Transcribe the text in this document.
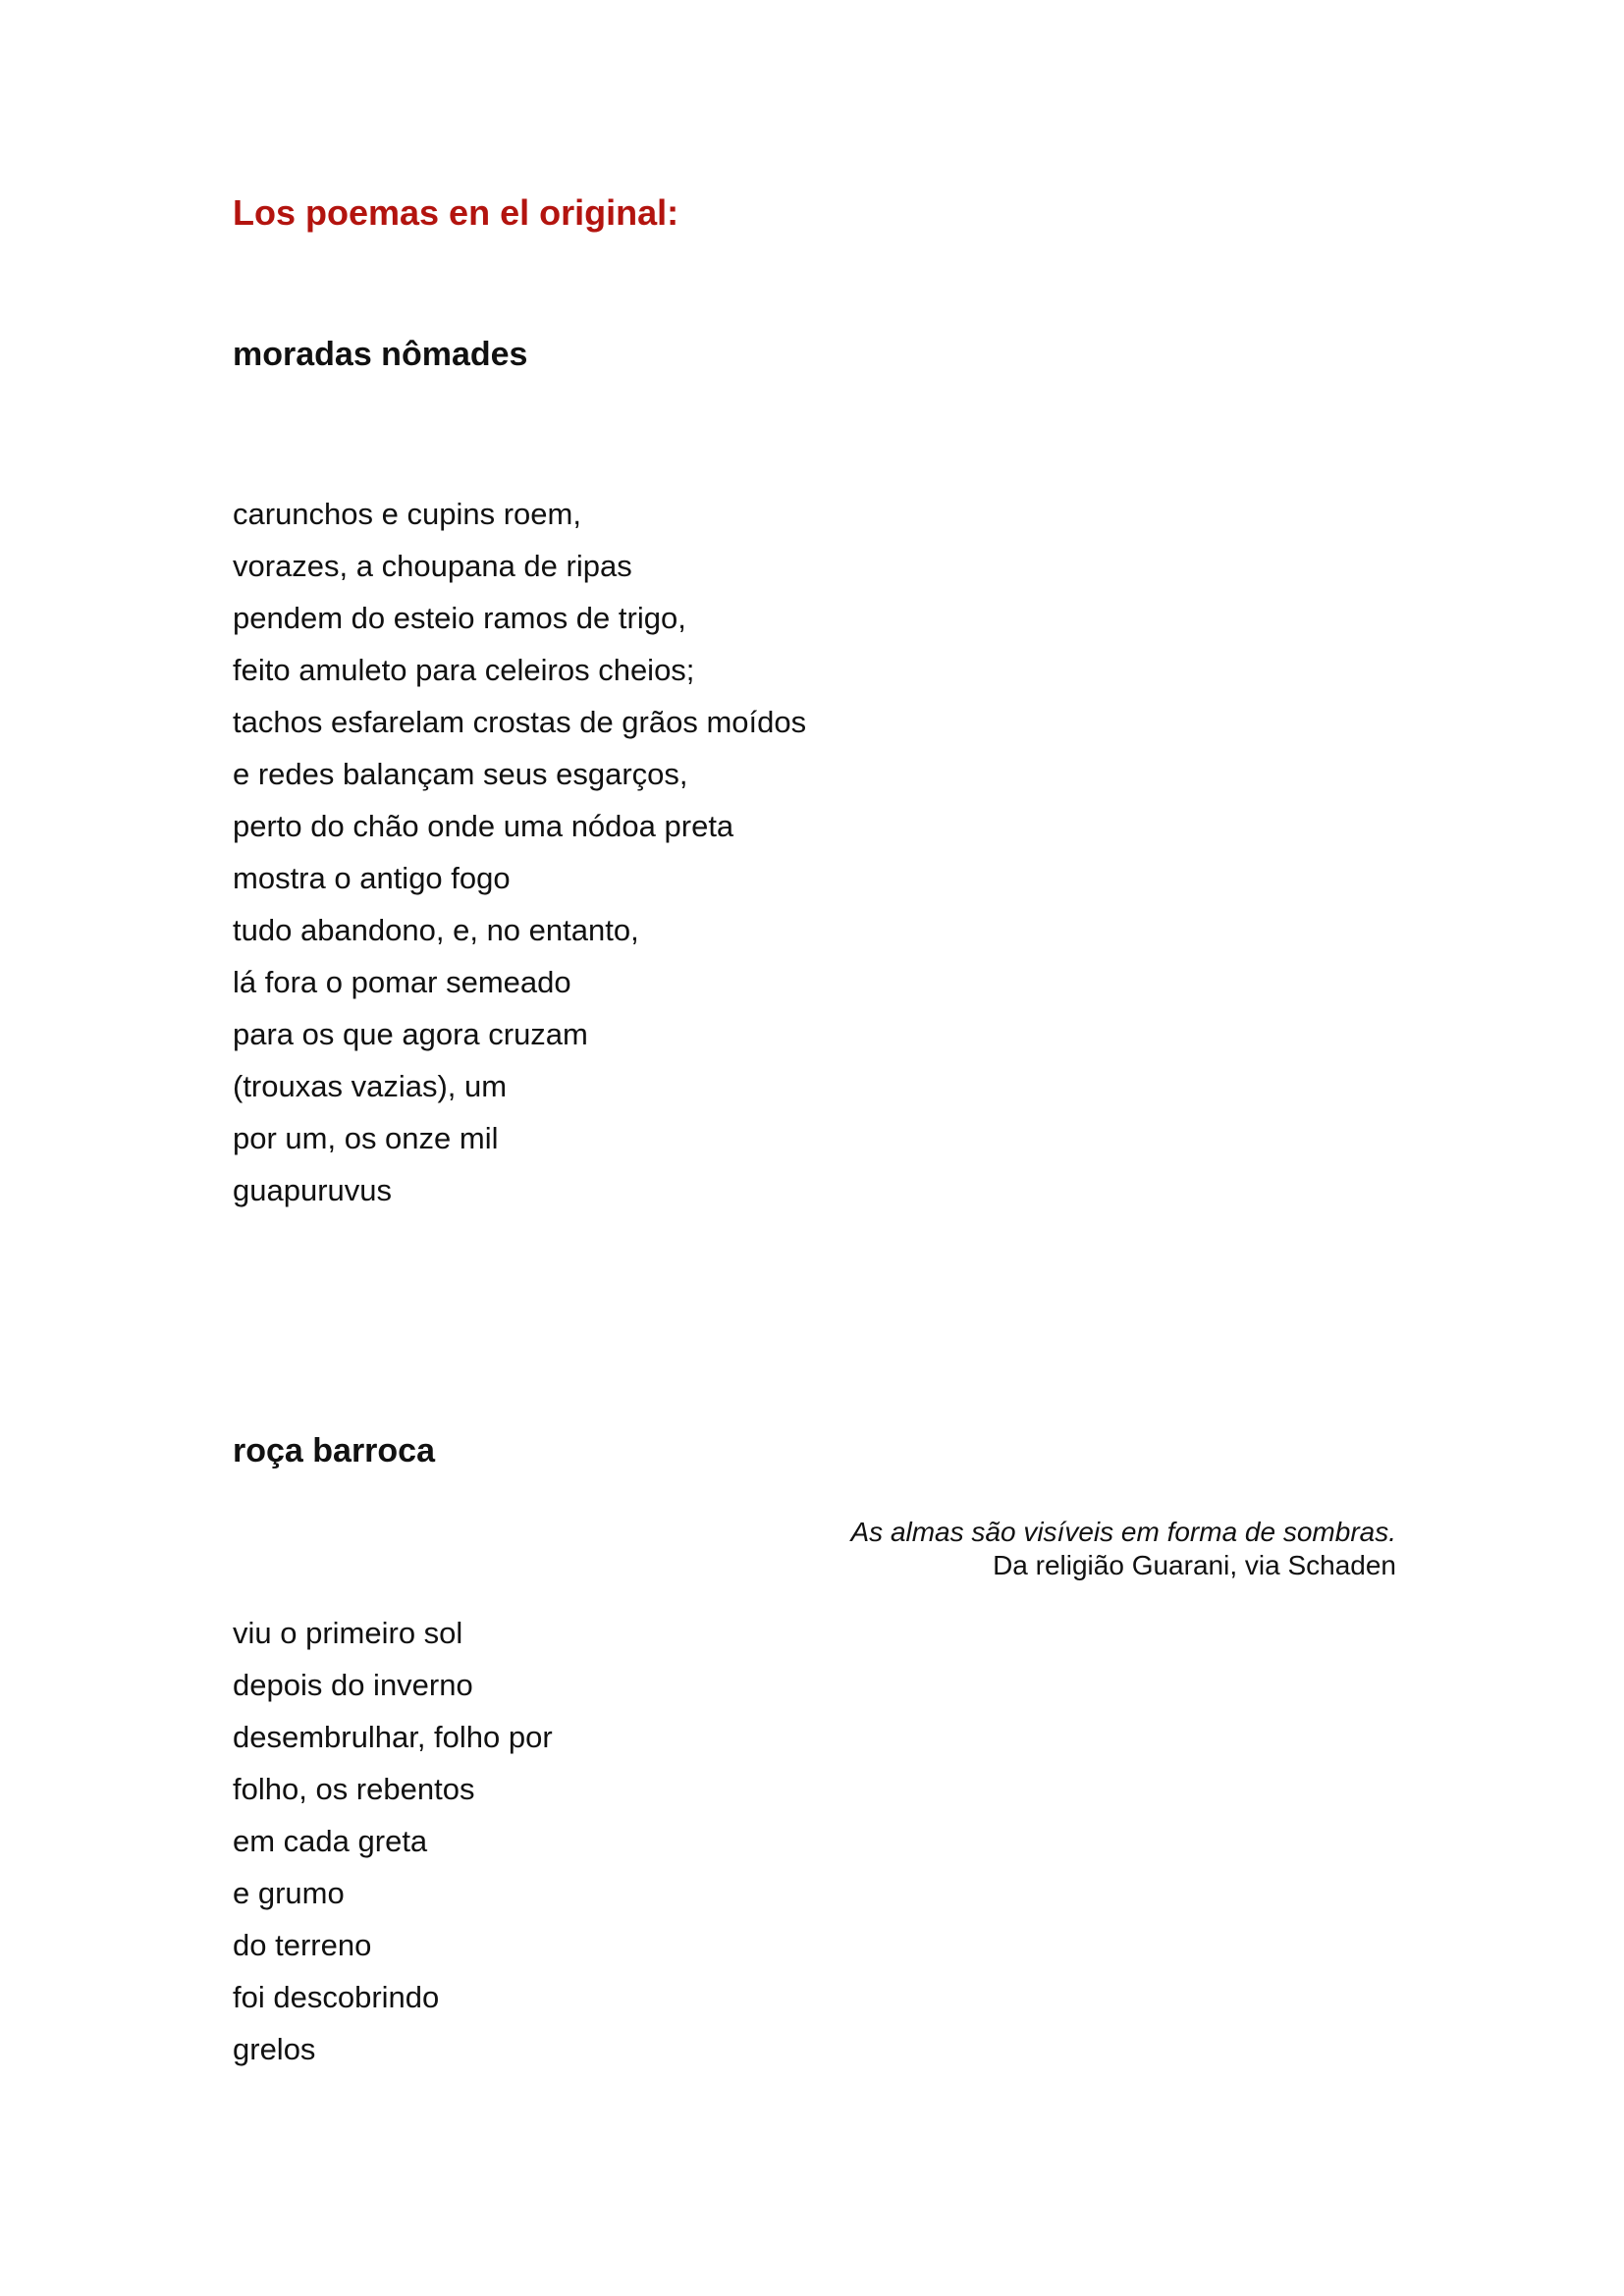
Los poemas en el original:
moradas nômades
carunchos e cupins roem,
vorazes, a choupana de ripas
pendem do esteio ramos de trigo,
feito amuleto para celeiros cheios;
tachos esfarelam crostas de grãos moídos
e redes balançam seus esgarços,
perto do chão onde uma nódoa preta
mostra o antigo fogo
tudo abandono, e, no entanto,
lá fora o pomar semeado
para os que agora cruzam
(trouxas vazias), um
por um, os onze mil
guapuruvus
roça barroca
As almas são visíveis em forma de sombras.
Da religião Guarani, via Schaden
viu o primeiro sol
depois do inverno
desembrulhar, folho por
folho, os rebentos
em cada greta
e grumo
do terreno
foi descobrindo
grelos
